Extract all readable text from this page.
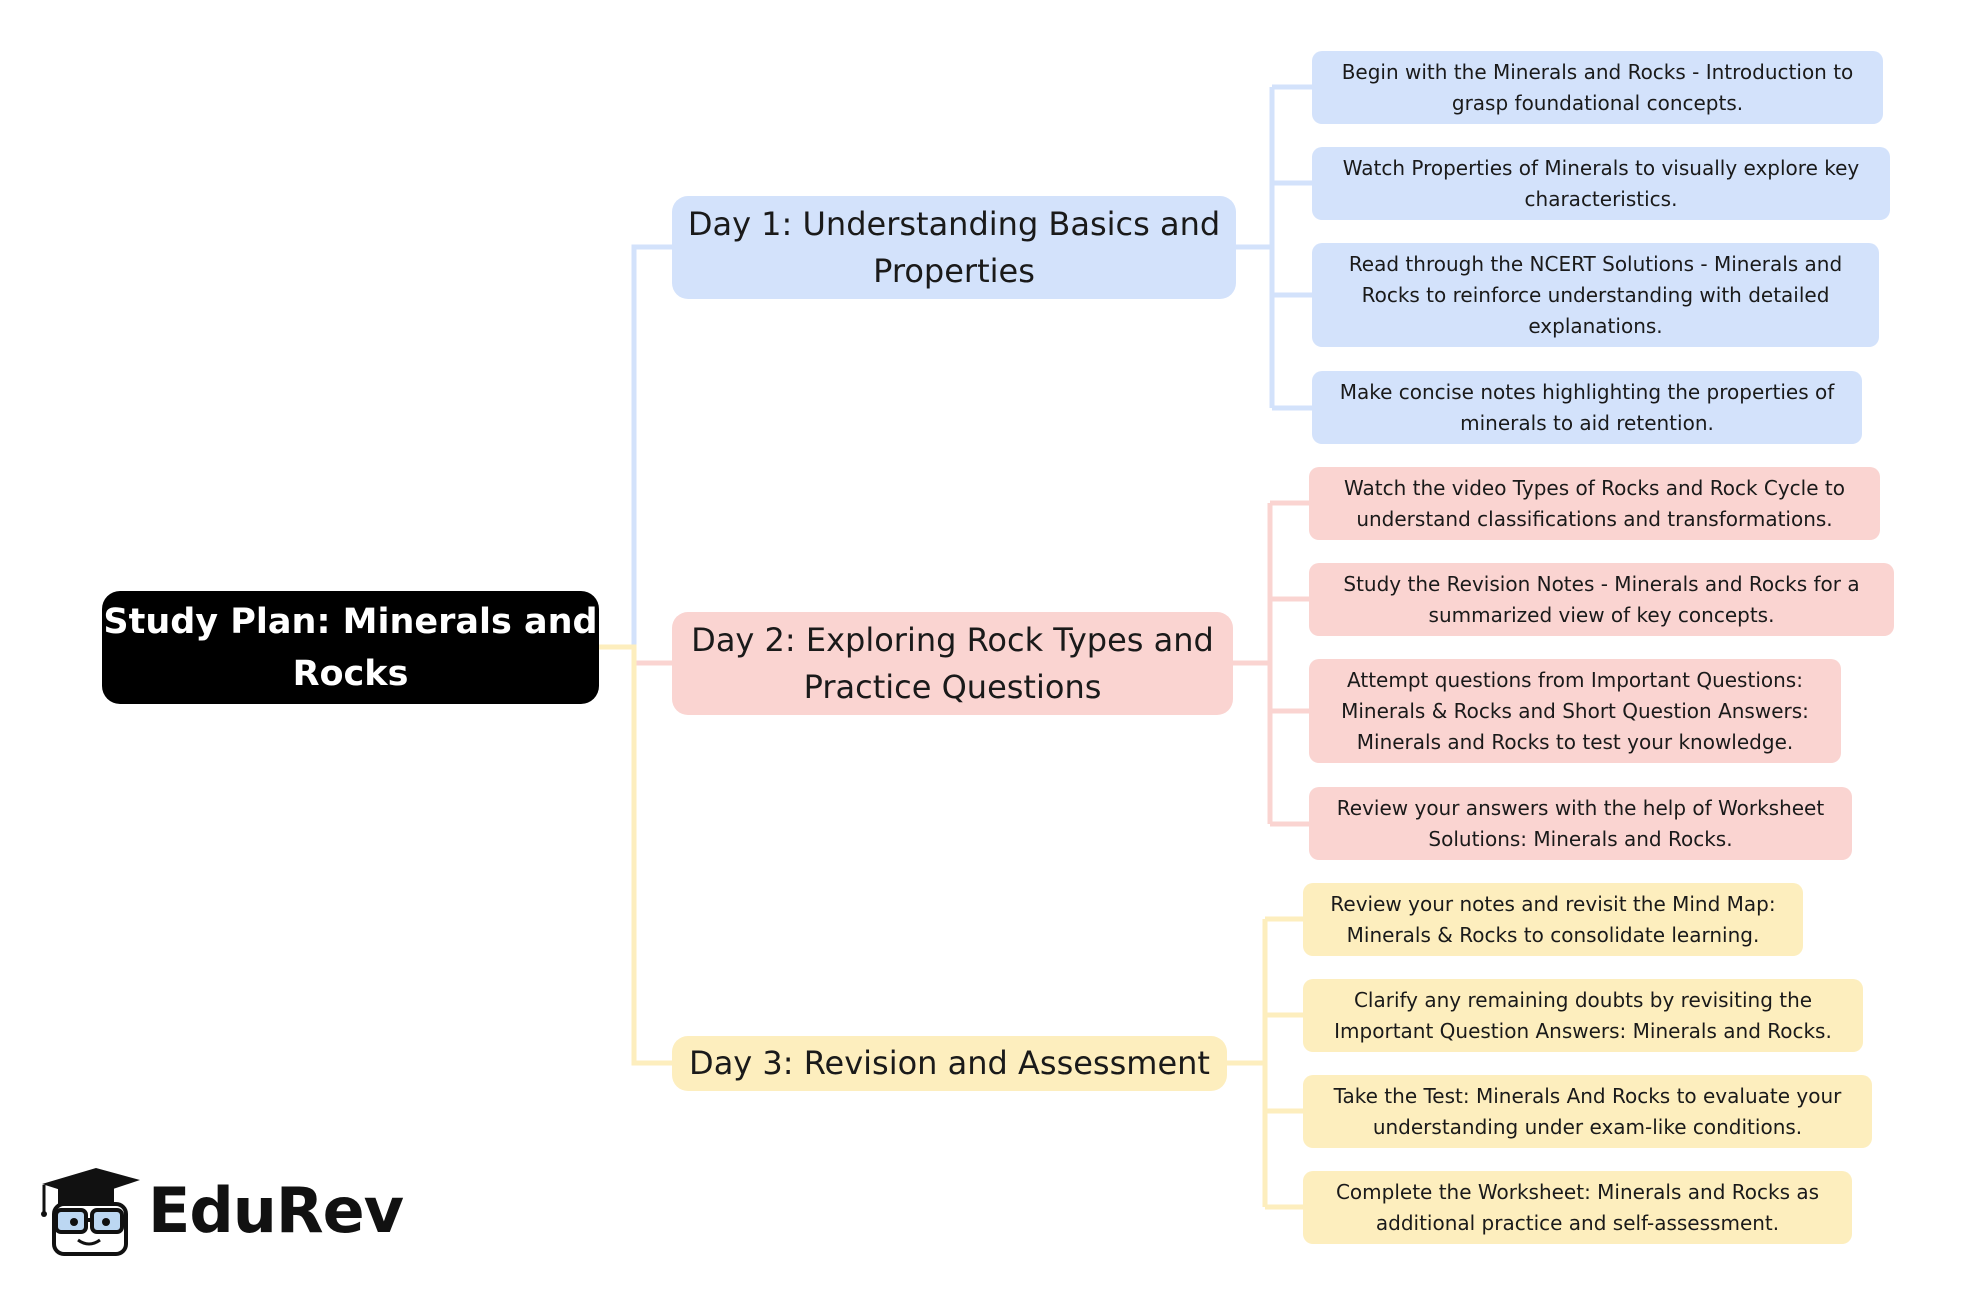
Study Plan: Minerals and Rocks
Day 1: Understanding Basics and Properties
Day 2: Exploring Rock Types and Practice Questions
Day 3: Revision and Assessment
Begin with the Minerals and Rocks - Introduction to grasp foundational concepts.
Watch Properties of Minerals to visually explore key characteristics.
Read through the NCERT Solutions - Minerals and Rocks to reinforce understanding with detailed explanations.
Make concise notes highlighting the properties of minerals to aid retention.
Watch the video Types of Rocks and Rock Cycle to understand classifications and transformations.
Study the Revision Notes - Minerals and Rocks for a summarized view of key concepts.
Attempt questions from Important Questions: Minerals & Rocks and Short Question Answers: Minerals and Rocks to test your knowledge.
Review your answers with the help of Worksheet Solutions: Minerals and Rocks.
Review your notes and revisit the Mind Map: Minerals & Rocks to consolidate learning.
Clarify any remaining doubts by revisiting the Important Question Answers: Minerals and Rocks.
Take the Test: Minerals And Rocks to evaluate your understanding under exam-like conditions.
Complete the Worksheet: Minerals and Rocks as additional practice and self-assessment.
EduRev
